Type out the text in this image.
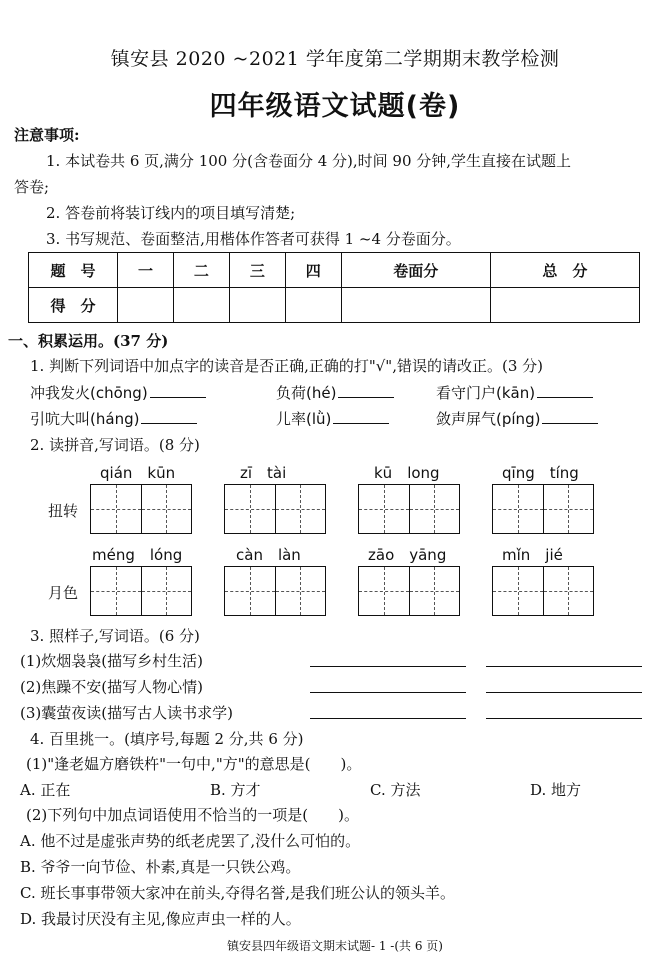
镇安县 2020 ~2021 学年度第二学期期末教学检测
四年级语文试题(卷)
注意事项:
1. 本试卷共 6 页,满分 100 分(含卷面分 4 分),时间 90 分钟,学生直接在试题上
答卷;
2. 答卷前将装订线内的项目填写清楚;
3. 书写规范、卷面整洁,用楷体作答者可获得 1 ~4 分卷面分。
题　号	一	二	三	四	卷面分	总　分
得　分						
一、积累运用。(37 分)
1. 判断下列词语中加点字的读音是否正确,正确的打"√",错误的请改正。(3 分)
冲我发火(chōng)	负荷(hé)	看守门户(kān)
引吭大叫(háng)	儿率(lǜ)	敛声屏气(píng)
2. 读拼音,写词语。(8 分)
qián　kūn	zī　tài	kū　long	qīng　tíng
扭转
méng　lóng	càn　làn	zāo　yāng	mǐn　jié
月色
3. 照样子,写词语。(6 分)
(1)炊烟袅袅(描写乡村生活)
(2)焦躁不安(描写人物心情)
(3)囊萤夜读(描写古人读书求学)
4. 百里挑一。(填序号,每题 2 分,共 6 分)
(1)"逢老媪方磨铁杵"一句中,"方"的意思是(　　)。
A. 正在	B. 方才	C. 方法	D. 地方
(2)下列句中加点词语使用不恰当的一项是(　　)。
A. 他不过是虚张声势的纸老虎罢了,没什么可怕的。
B. 爷爷一向节俭、朴素,真是一只铁公鸡。
C. 班长事事带领大家冲在前头,夺得名誉,是我们班公认的领头羊。
D. 我最讨厌没有主见,像应声虫一样的人。
镇安县四年级语文期末试题- 1 -(共 6 页)
